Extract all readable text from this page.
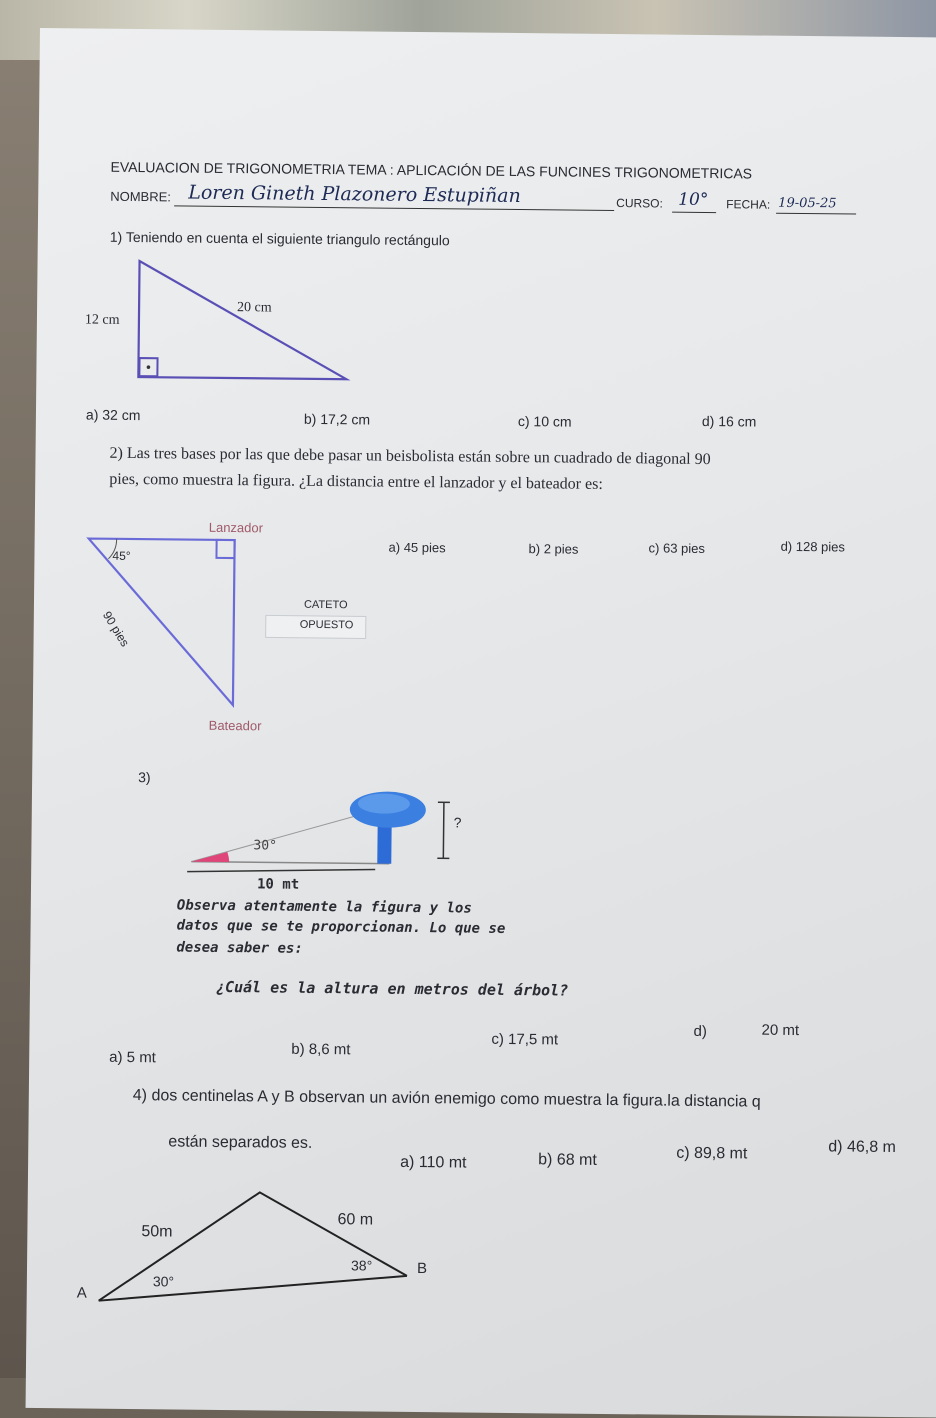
EVALUACION DE TRIGONOMETRIA TEMA : APLICACIÓN DE LAS FUNCINES TRIGONOMETRICAS
NOMBRE: Loren Gineth Plazonero Estupiñan	CURSO: 10° FECHA: 19-05-25
1) Teniendo en cuenta el siguiente triangulo rectángulo
12 cm
20 cm
a) 32 cm	b) 17,2 cm	c) 10 cm	d) 16 cm
2) Las tres bases por las que debe pasar un beisbolista están sobre un cuadrado de diagonal 90
pies, como muestra la figura. ¿La distancia entre el lanzador y el bateador es:
Lanzador
45°
90 pies
Bateador
CATETO
OPUESTO
a) 45 pies	b) 2 pies	c) 63 pies	d) 128 pies
3)
30°
10 mt
?
Observa atentamente la figura y los
datos que se te proporcionan. Lo que se
desea saber es:
¿Cuál es la altura en metros del árbol?
a) 5 mt	b) 8,6 mt
c) 17,5 mt	d)	20 mt
4) dos centinelas A y B observan un avión enemigo como muestra la figura.la distancia q
están separados es.
a) 110 mt	b) 68 mt	c) 89,8 mt	d) 46,8 m
50m
60 m
30°
38°
A
B
